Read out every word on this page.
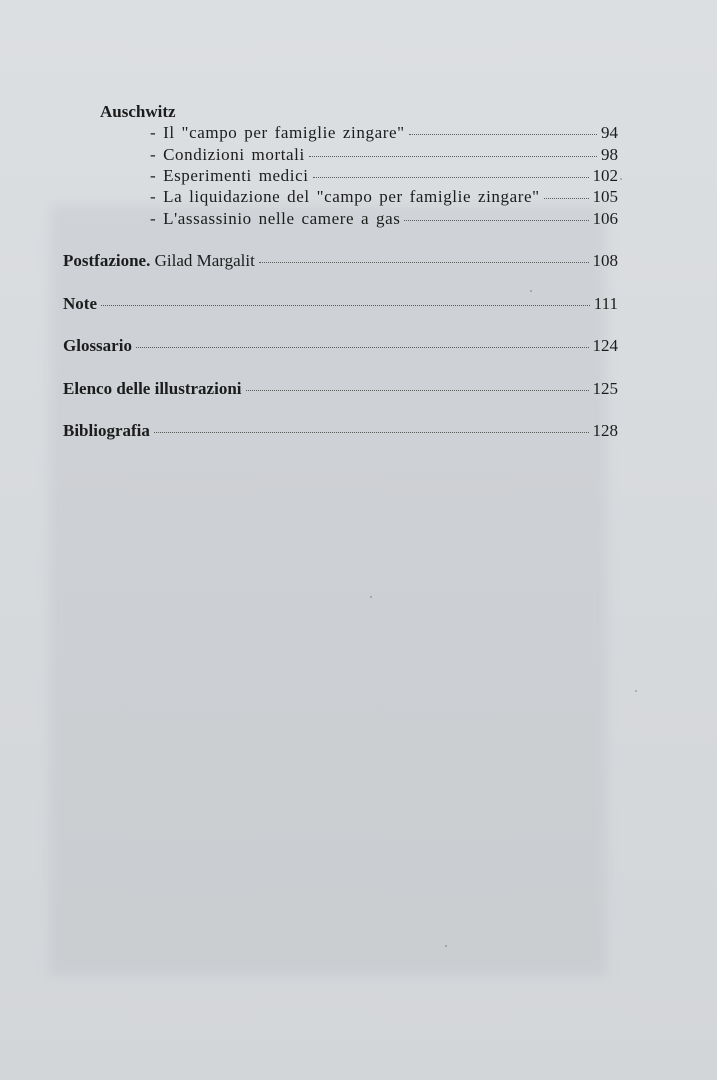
Auschwitz
- Il "campo per famiglie zingare"	94
- Condizioni mortali	98
- Esperimenti medici	102
- La liquidazione del "campo per famiglie zingare"	105
- L'assassinio nelle camere a gas	106
Postfazione. Gilad Margalit	108
Note	111
Glossario	124
Elenco delle illustrazioni	125
Bibliografia	128
